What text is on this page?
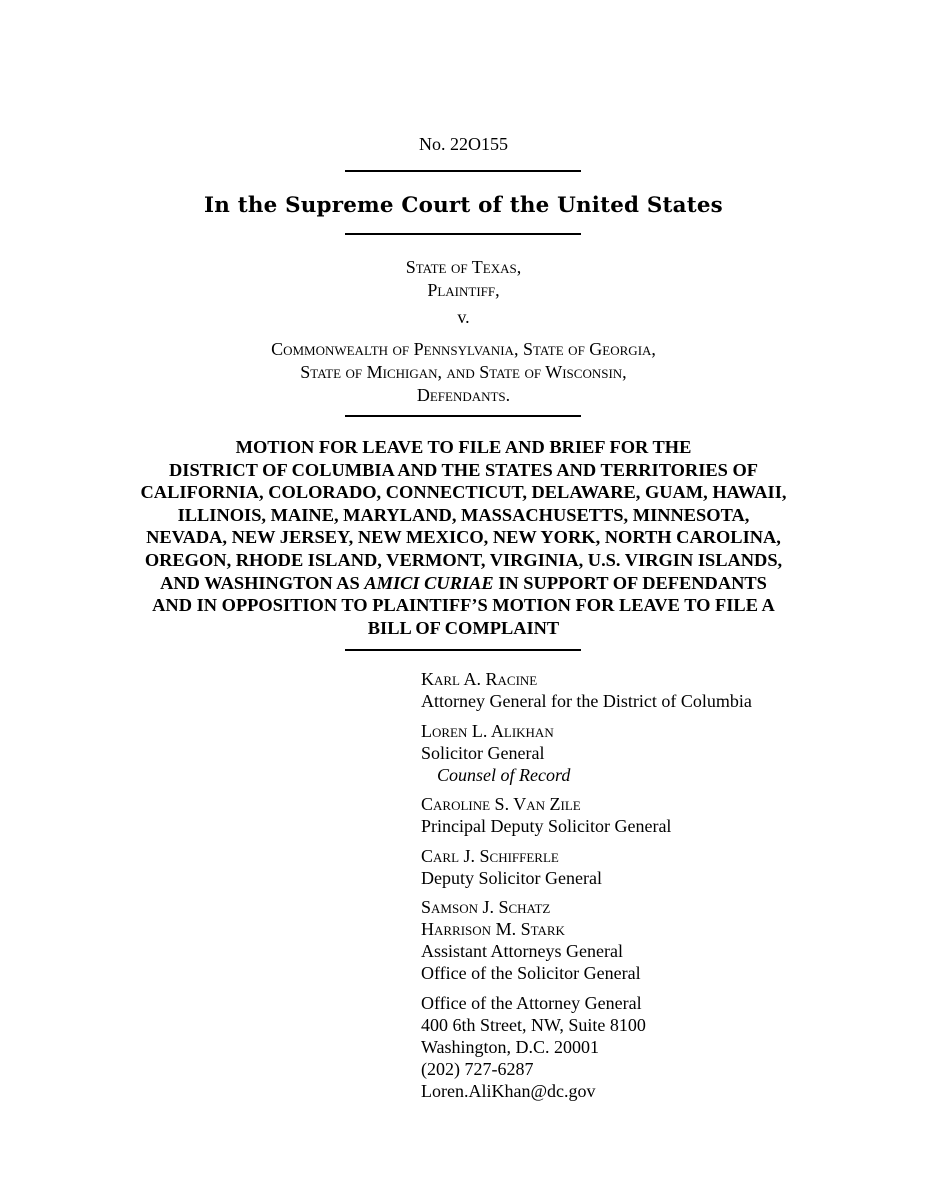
No. 22O155
In the Supreme Court of the United States
State of Texas,
Plaintiff,
v.
Commonwealth of Pennsylvania, State of Georgia,
State of Michigan, and State of Wisconsin,
Defendants.
MOTION FOR LEAVE TO FILE AND BRIEF FOR THE
DISTRICT OF COLUMBIA AND THE STATES AND TERRITORIES OF
CALIFORNIA, COLORADO, CONNECTICUT, DELAWARE, GUAM, HAWAII,
ILLINOIS, MAINE, MARYLAND, MASSACHUSETTS, MINNESOTA,
NEVADA, NEW JERSEY, NEW MEXICO, NEW YORK, NORTH CAROLINA,
OREGON, RHODE ISLAND, VERMONT, VIRGINIA, U.S. VIRGIN ISLANDS,
AND WASHINGTON AS AMICI CURIAE IN SUPPORT OF DEFENDANTS
AND IN OPPOSITION TO PLAINTIFF’S MOTION FOR LEAVE TO FILE A
BILL OF COMPLAINT
Karl A. Racine
Attorney General for the District of Columbia
Loren L. Alikhan
Solicitor General
Counsel of Record
Caroline S. Van Zile
Principal Deputy Solicitor General
Carl J. Schifferle
Deputy Solicitor General
Samson J. Schatz
Harrison M. Stark
Assistant Attorneys General
Office of the Solicitor General
Office of the Attorney General
400 6th Street, NW, Suite 8100
Washington, D.C. 20001
(202) 727-6287
Loren.AliKhan@dc.gov
